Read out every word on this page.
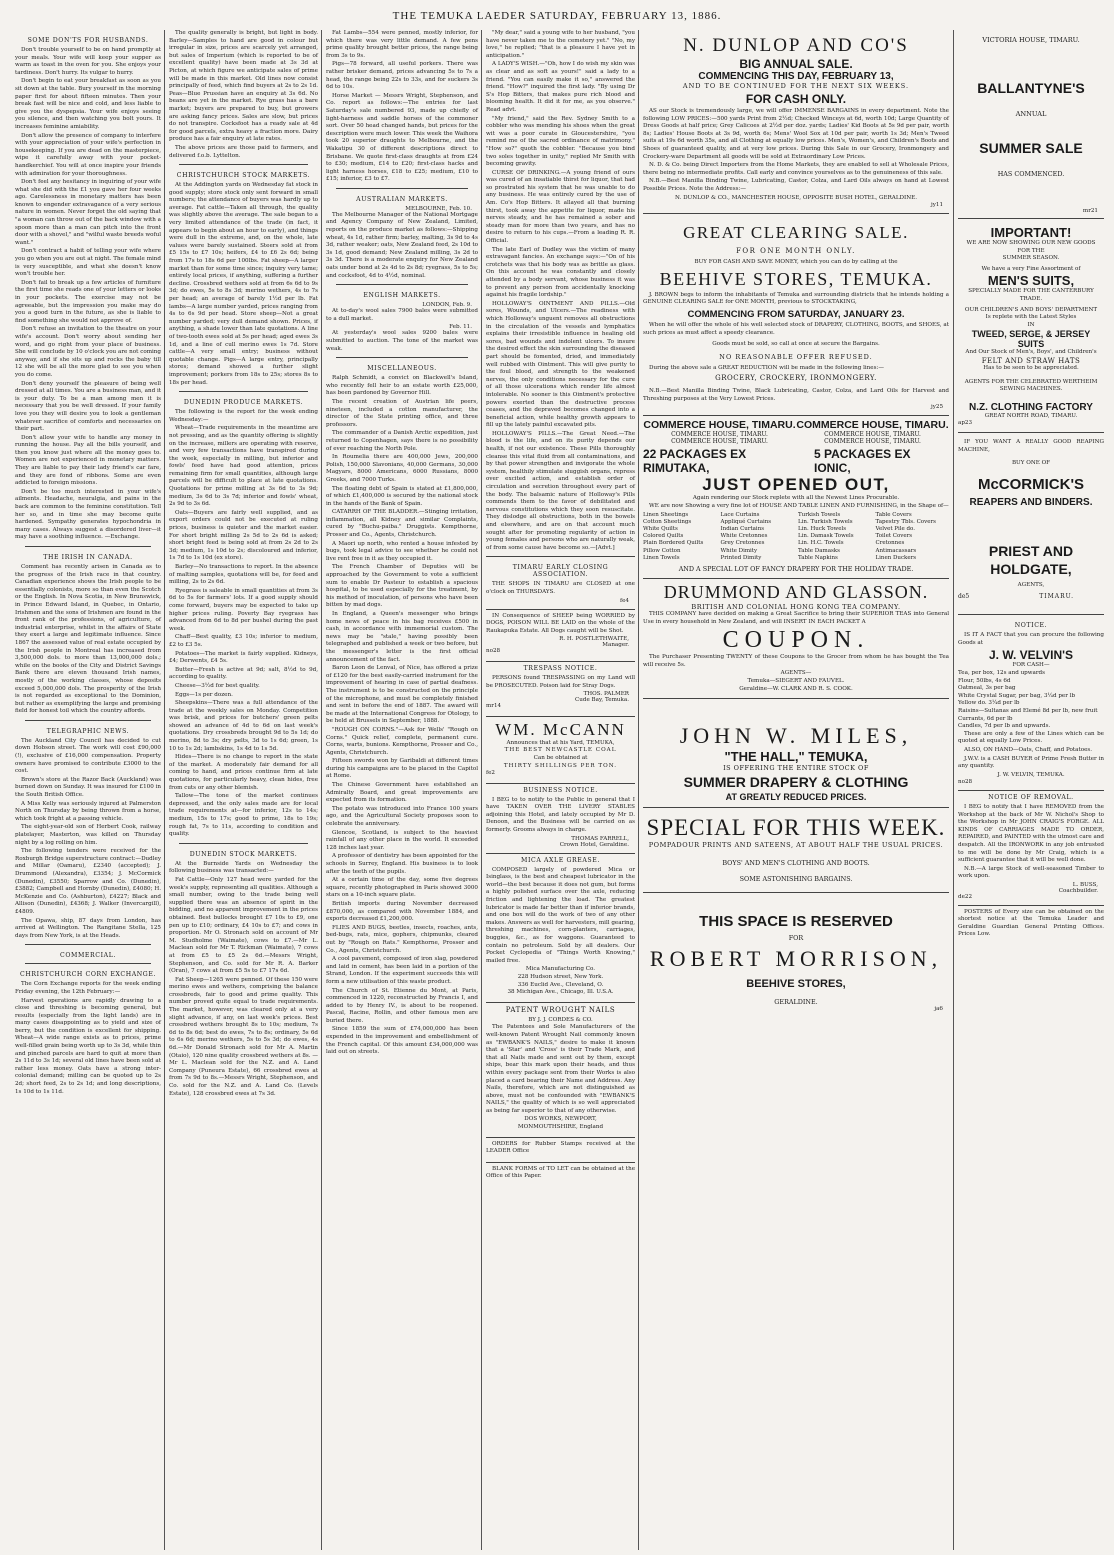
THE TEMUKA LAEDER SATURDAY, FEBRUARY 13, 1886.
SOME DON'TS FOR HUSBANDS.
Don't trouble yourself to be on hand promptly at your meals. Your wife will keep your supper as warm as toast in the oven for you. She enjoys your tardiness. Don't hurry. Its vulgar to hurry.
Don't begin to eat your breakfast as soon as you sit down at the table. Bury yourself in the morning paper first for about fifteen minutes. Then your break fast will be nice and cold, and less liable to give you the dyspepsia. Your wife enjoys seeing you silence, and then watching you bolt yours. It increases feminine amiability.
Don't allow the presence of company to interfere with your appreciation of your wife's perfection in housekeeping. If you are dead on the masterpiece, wipe it carefully away with your pocket-handkerchief. You will at once inspire your friends with admiration for your thoroughness.
Don't feel any hesitancy in inquiring of your wife what she did with the £1 you gave her four weeks ago. Carelessness in monetary matters has been known to engender extravagance of a very serious nature in women. Never forget the old saying that "a woman can throw out of the back window with a spoon more than a man can pitch into the front door with a shovel," and "wilful waste breeds woful want."
Don't contract a habit of telling your wife where you go when you are out at night. The female mind is very susceptible, and what she doesn't know won't trouble her.
Don't fail to break up a few articles of furniture the first time she reads one of your letters or looks in your pockets. The exercise may not be agreeable, but the impression you make may do you a good turn in the future, as she is liable to find something she would not approve of.
Don't refuse an invitation to the theatre on your wife's account. Don't worry about sending her word, and go right from your place of business. She will conclude by 10 o'clock you are not coming anyway, and if she sits up and rocks the baby till 12 she will be all the more glad to see you when you do come.
Don't deny yourself the pleasure of being well dressed at all times. You are a business man, and it is your duty. To be a man among men it is necessary that you be well dressed. If your family love you they will desire you to look a gentleman whatever sacrifice of comforts and necessaries on their part.
Don't allow your wife to handle any money in running the house. Pay all the bills yourself, and then you know just where all the money goes to. Women are not experienced in monetary matters. They are liable to pay their lady friend's car fare, and they are fond of ribbons. Some are even addicted to foreign missions.
Don't be too much interested in your wife's ailments. Headache, neuralgia, and pains in the back are common to the feminine constitution. Tell her so, and in time she may become quite hardened. Sympathy generates hypochondria in many cases. Always suggest a disordered liver—it may have a soothing influence. —Exchange.
THE IRISH IN CANADA.
Comment has recently arisen in Canada as to the progress of the Irish race in that country. Canadian experience shows the Irish people to be essentially colonists, more so than even the Scotch or the English. In Nova Scotia, in New Brunswick, in Prince Edward Island, in Quebec, in Ontario, Irishmen and the sons of Irishmen are found in the front rank of the professions, of agriculture, of industrial enterprise, whilst in the affairs of State they exert a large and legitimate influence. Since 1867 the assessed value of real estate occupied by the Irish people in Montreal has increased from 3,500,000 dols. to more than 13,000,000 dols.; while on the books of the City and District Savings Bank there are eleven thousand Irish names, mostly of the working classes, whose deposits exceed 5,000,000 dols. The prosperity of the Irish is not regarded as exceptional to the Dominion, but rather as exemplifying the large and promising field for honest toil which the country affords.
TELEGRAPHIC NEWS.
The Auckland City Council has decided to cut down Hobson street. The work will cost £90,000 (!), exclusive of £16,000 compensation. Property owners have promised to contribute £3000 to the cost.
Brown's store at the Razor Back (Auckland) was burned down on Sunday. It was insured for £100 in the South British Office.
A Miss Kelly was seriously injured at Palmerston North on Thursday by being thrown from a horse, which took fright at a passing vehicle.
The eight-year-old son of Herbert Cook, railway platelayer, Masterton, was killed on Thursday night by a log rolling on him.
The following tenders were received for the Roxburgh Bridge superstructure contract:—Dudley and Millar (Oamaru), £2340 (accepted); J. Drummond (Alexandra), £3354; J. McCormick (Dunedin), £3550; Sparrow and Co. (Dunedin), £3882; Campbell and Hornby (Dunedin), £4080; H. McKenzie and Co. (Ashburton), £4227; Black and Allison (Dunedin), £4368; J. Walker (Invercargill), £4809.
The Opawa, ship, 87 days from London, has arrived at Wellington. The Rangitane Stella, 125 days from New York, is at the Heads.
COMMERCIAL.
CHRISTCHURCH CORN EXCHANGE.
The Corn Exchange reports for the week ending Friday evening, the 12th February:—
Harvest operations are rapidly drawing to a close and threshing is becoming general, but results (especially from the light lands) are in many cases disappointing as to yield and size of berry, but the condition is excellent for shipping. Wheat—A wide range exists as to prices, prime well-filled grain being worth up to 3s 3d, while thin and pinched parcels are hard to quit at more than 2s 11d to 3s 1d; several old lines have been sold at rather less money. Oats have a strong inter-colonial demand; milling can be quoted up to 2s 2d; short feed, 2s to 2s 1d; and long descriptions, 1s 10d to 1s 11d.
The quality generally is bright, but light in body. Barley—Samples to hand are good in colour but irregular in size, prices are scarcely yet arranged, but sales of Imperium (which is reported to be of excellent quality) have been made at 3s 3d at Picton, at which figure we anticipate sales of prime will be made in this market. Old lines now consist principally of feed, which find buyers at 2s to 2s 1d. Peas—Blue Prussian have an enquiry at 3s 6d. No beans are yet in the market. Rye grass has a bare market; buyers are prepared to buy, but growers are asking fancy prices. Sales are slow, but prices do not transpire. Cocksfoot has a ready sale at 4d for good parcels, extra heavy a fraction more. Dairy produce has a fair enquiry at late rates.
The above prices are those paid to farmers, and delivered f.o.b. Lyttelton.
CHRISTCHURCH STOCK MARKETS.
At the Addington yards on Wednesday fat stock in good supply; store stock only sent forward in small numbers; the attendance of buyers was hardly up to average. Fat cattle—Taken all through, the quality was slightly above the average. The sale began to a very limited attendance of the trade (in fact, it appears to begin about an hour to early), and things were dull in the extreme, and, on the whole, late values were barely sustained. Steers sold at from £5 15s to £7 10s; heifers, £4 to £6 2s 6d; being from 17s to 18s 6d per 100lbs. Fat sheep—A larger market than for some time since; inquiry very tame; entirely local prices, if anything, suffering a further decline. Crossbred wethers sold at from 6s 6d to 9s 3d; do ewes, 5s to 8s 3d; merino wethers, 4s to 7s per head; an average of barely 1½d per lb. Fat lambs—A large number yarded, prices ranging from 4s to 6s 9d per head. Store sheep—Not a great number yarded; very dull demand shown. Prices, if anything, a shade lower than late quotations. A line of two-tooth ewes sold at 5s per head; aged ewes 3s 1d, and a line of cull merino ewes 1s 7d. Store cattle—A very small entry; business without quotable change. Pigs—A large entry, principally stores; demand showed a further slight improvement; porkers from 18s to 25s; stores 8s to 18s per head.
DUNEDIN PRODUCE MARKETS.
The following is the report for the week ending Wednesday:—
Wheat—Trade requirements in the meantime are not pressing, and as the quantity offering is slightly on the increase, millers are operating with reserve, and very few transactions have transpired during the week, especially in milling, but inferior and fowls' feed have had good attention, prices remaining firm for small quantities, although large parcels will be difficult to place at late quotations. Quotations for prime milling at 3s 6d to 3s 9d; medium, 3s 6d to 3s 7d; inferior and fowls' wheat, 2s 9d to 3s 6d.
Oats—Buyers are fairly well supplied, and as export orders could not be executed at ruling prices, business is quieter and the market easier. For short bright milling 2s 5d to 2s 6d is asked; short bright feed is being sold at from 2s 2d to 2s 3d; medium, 1s 10d to 2s; discoloured and inferior, 1s 7d to 1s 10d (ex store).
Barley—No transactions to report. In the absence of malting samples, quotations will be, for feed and milling, 2s to 2s 6d.
Ryegrass is saleable in small quantities at from 3s 6d to 5s for farmers' lots. If a good supply should come forward, buyers may be expected to take up higher prices ruling. Poverty Bay ryegrass has advanced from 6d to 8d per bushel during the past week.
Chaff—Best quality, £3 10s; inferior to medium, £2 to £3 5s.
Potatoes—The market is fairly supplied. Kidneys, £4; Derwents, £4 5s.
Butter—Fresh is active at 9d; salt, 8½d to 9d, according to quality.
Cheese—3½d for best quality.
Eggs—1s per dozen.
Sheepskins—There was a full attendance of the trade at the weekly sales on Monday. Competition was brisk, and prices for butchers' green pelts showed an advance of 4d to 6d on last week's quotations. Dry crossbreds brought 9d to 5s 1d; do merino, 8d to 3s; dry pelts, 3d to 1s 6d; green, 1s 10 to 1s 2d; lambskins, 1s 4d to 1s 5d.
Hides—There is no change to report in the state of the market. A moderately fair demand for all coming to hand, and prices continue firm at late quotations, for particularly heavy, clean hides, free from cuts or any other blemish.
Tallow—The tone of the market continues depressed, and the only sales made are for local trade requirements at—for inferior, 12s to 14s; medium, 15s to 17s; good to prime, 18s to 19s; rough fat, 7s to 11s, according to condition and quality.
DUNEDIN STOCK MARKETS.
At the Burnside Yards on Wednesday the following business was transacted:—
Fat Cattle—Only 127 head were yarded for the week's supply, representing all qualities. Although a small number, owing to the trade being well supplied there was an absence of spirit in the bidding, and no apparent improvement in the prices obtained. Best bullocks brought £7 10s to £9, one pen up to £10; ordinary, £4 10s to £7; and cows in proportion. Mr O. Stronach sold on account of Mr M. Studholme (Waimate), cows to £7.—Mr L. Maclean sold for Mr T. Rickman (Waimate), 7 cows at from £5 to £5 2s 6d.—Messrs Wright, Stephenson, and Co. sold for Mr R. A. Barker (Oran), 7 cows at from £5 5s to £7 17s 6d.
Fat Sheep—1265 were penned. Of these 150 were merino ewes and wethers, comprising the balance crossbreds, fair to good and prime quality. This number proved quite equal to trade requirements. The market, however, was cleared only at a very slight advance, if any, on last week's prices. Best crossbred wethers brought 8s to 10s; medium, 7s 6d to 8s 6d; best do ewes, 7s to 8s; ordinary, 5s 6d to 6s 6d; merino wethers, 5s to 5s 3d; do ewes, 4s 6d.—Mr Donald Stronach sold for Mr A. Martin (Otaio), 120 nine quality crossbred wethers at 8s. —Mr L. Maclean sold for the N.Z. and A. Land Company (Puneura Estate), 66 crossbred ewes at from 7s 9d to 8s.—Messrs Wright, Stephenson, and Co. sold for the N.Z. and A. Land Co. (Levels Estate), 128 crossbred ewes at 7s 3d.
Fat Lambs—554 were penned, mostly inferior, for which there was very little demand. A few pens prime quality brought better prices, the range being from 3s to 9s.
Pigs—78 forward, all useful porkers. There was rather brisker demand, prices advancing 5s to 7s a head, the range being 22s to 33s, and for suckers 3s 6d to 10s.
Horse Market — Messrs Wright, Stephenson, and Co. report as follows:—The entries for last Saturday's sale numbered 93, made up chiefly of light-harness and saddle horses of the commoner sort. Over 50 head changed hands, but prices for the description were much lower. This week the Waihora took 20 superior draughts to Melbourne, and the Wakatipu 30 of different descriptions direct to Brisbane. We quote first-class draughts at from £24 to £30; medium, £14 to £20; first-class hacks and light harness horses, £18 to £25; medium, £10 to £15; inferior, £3 to £7.
AUSTRALIAN MARKETS.
MELBOURNE, Feb. 10.
The Melbourne Manager of the National Mortgage and Agency Company of New Zealand, Limited, reports on the produce market as follows:—Shipping wheat, 4s 1d, rather firm; barley, malting, 3s 9d to 4s 3d, rather weaker; oats, New Zealand feed, 2s 10d to 3s 1d, good demand; New Zealand milling, 3s 2d to 3s 3d. There is a moderate enquiry for New Zealand oats under bond at 2s 4d to 2s 8d; ryegrass, 5s to 5s; and cocksfoot, 4d to 4½d, nominal.
ENGLISH MARKETS.
LONDON, Feb. 9.
At to-day's wool sales 7900 bales were submitted to a dull market.
Feb. 11.
At yesterday's wool sales 9200 bales were submitted to auction. The tone of the market was weak.
MISCELLANEOUS.
Ralph Schmidt, a convict on Blackwell's Island, who recently fell heir to an estate worth £25,000, has been pardoned by Governor Hill.
The recent creation of Austrian life peers, nineteen, included a cotton manufacturer, the director of the State printing office, and three professors.
The commander of a Danish Arctic expedition, just returned to Copenhagen, says there is no possibility of ever reaching the North Pole.
In Roumelia there are 400,000 Jews, 200,000 Polish, 150,000 Slavonians, 40,000 Germans, 30,000 Magyars, 8000 Americans, 6000 Russians, 8000 Greeks, and 7000 Turks.
The floating debt of Spain is stated at £1,800,000, of which £1,400,000 is secured by the national stock in the hands of the Bank of Spain.
CATARRH OF THE BLADDER.—Stinging irritation, inflammation, all Kidney and similar Complaints, cured by "Buchu-paiba." Druggists. Kempthorne, Prosser and Co., Agents, Christchurch.
A Maori up north, who rented a house infested by bugs, took legal advice to see whether he could not live rent free in it as they occupied it.
The French Chamber of Deputies will be approached by the Government to vote a sufficient sum to enable Dr Pasteur to establish a spacious hospital, to be used especially for the treatment, by his method of inoculation, of persons who have been bitten by mad dogs.
In England, a Queen's messenger who brings home news of peace in his bag receives £500 in cash, in accordance with immemorial custom. The news may be "stale," having possibly been telegraphed and published a week or two before, but the messenger's letter is the first official announcement of the fact.
Baron Leon de Lenval, of Nice, has offered a prize of £120 for the best easily-carried instrument for the improvement of hearing in case of partial deafness. The instrument is to be constructed on the principle of the microphone, and must be completely finished and sent in before the end of 1887. The award will be made at the International Congress for Otology, to be held at Brussels in September, 1888.
"ROUGH ON CORNS."—Ask for Wells' "Rough on Corns." Quick relief, complete, permanent cure. Corns, warts, bunions. Kempthorne, Prosser and Co., Agents, Christchurch.
Fifteen swords won by Garibaldi at different times during his campaigns are to be placed in the Capitol at Rome.
The Chinese Government have established an Admiralty Board, and great improvements are expected from its formation.
The potato was introduced into France 100 years ago, and the Agricultural Society proposes soon to celebrate the anniversary.
Glencoe, Scotland, is subject to the heaviest rainfall of any other place in the world. It exceeded 128 inches last year.
A professor of dentistry has been appointed for the schools in Surrey, England. His business is to look after the teeth of the pupils.
At a certain time of the day, some five degrees square, recently photographed in Paris showed 3000 stars on a 10-inch square plate.
British imports during November decreased £870,000, as compared with November 1884, and exports decreased £1,200,000.
FLIES AND BUGS, beetles, insects, roaches, ants, bed-bugs, rats, mice, gophers, chipmunks, cleared out by "Rough on Rats." Kempthorne, Prosser and Co., Agents, Christchurch.
A cool pavement, composed of iron slag, powdered and laid in cement, has been laid in a portion of the Strand, London. If the experiment succeeds this will form a new utilisation of this waste product.
The Church of St. Etienne du Mont, at Paris, commenced in 1220, reconstructed by Francis I, and added to by Henry IV., is about to be reopened. Pascal, Racine, Rollin, and other famous men are buried there.
Since 1859 the sum of £74,000,000 has been expended in the improvement and embellishment of the French capital. Of this amount £34,000,000 was laid out on streets.
"My dear," said a young wife to her husband, "you have never taken me to the cemetery yet." "No, my love," he replied; "that is a pleasure I have yet in anticipation."
A LADY'S WISH.—"Oh, how I do wish my skin was as clear and as soft as yours!" said a lady to a friend. "You can easily make it so," answered the friend. "How?" inquired the first lady. "By using Dr S's Hop Bitters, that makes pure rich blood and blooming health. It did it for me, as you observe." Read advt.
"My friend," said the Rev. Sydney Smith to a cobbler who was mending his shoes when the great wit was a poor curate in Gloucestershire, "you remind me of the sacred ordinance of matrimony." "How so?" quoth the cobbler. "Because you bind two soles together in unity," replied Mr Smith with becoming gravity.
CURSE OF DRINKING.—A young friend of ours was cured of an insatiable thirst for liquor, that had so prostrated his system that he was unable to do any business. He was entirely cured by the use of Am. Co's Hop Bitters. It allayed all that burning thirst, took away the appetite for liquor, made his nerves steady, and he has remained a sober and steady man for more than two years, and has no desire to return to his cups.—From a leading R. R. Official.
The late Earl of Dudley was the victim of many extravagant fancies. An exchange says:—"On of his crotchets was that his body was as brittle as glass. On this account he was constantly and closely attended by a body servant, whose business it was to prevent any person from accidentally knocking against his fragile lordship."
HOLLOWAY'S OINTMENT AND PILLS.—Old sores, Wounds, and Ulcers.—The readiness with which Holloway's unguent removes all obstructions in the circulation of the vessels and lymphatics explains their irresistible influence in healing old sores, bad wounds and indolent ulcers. To insure the desired effect the skin surrounding the diseased part should be fomented, dried, and immediately well rubbed with Ointment. This will give purity to the foul blood, and strength to the weakened nerves, the only conditions necessary for the cure of all those ulcerations which render life almost intolerable. No sooner is this Ointment's protective powers exerted than the destructive process ceases, and the depraved becomes changed into a beneficial action, while healthy growth appears to fill up the lately painful excavated pits.
HOLLOWAY'S PILLS.—The Great Need.—The blood is the life, and on its purity depends our health, if not our existence. These Pills thoroughly cleanse this vital fluid from all contaminations, and by that power strengthen and invigorate the whole system, healthily stimulate sluggish organs, repress over excited action, and establish order of circulation and secretion throughout every part of the body. The balsamic nature of Holloway's Pills commends them to the favor of debilitated and nervous constitutions which they soon resuscitate. They dislodge all obstructions, both in the bowels and elsewhere, and are on that account much sought after for promoting regularity of action in young females and persons who are naturally weak, of from some cause have become so.—[Advt.]
TIMARU EARLY CLOSING ASSOCIATION.
THE SHOPS IN TIMARU are CLOSED at one o'clock on THURSDAYS.
fe4
IN Consequence of SHEEP being WORRIED by DOGS, POISON WILL BE LAID on the whole of the Raukapuka Estate. All Dogs caught will be Shot.
R. H. POSTLETHWAITE,
Manager.
no28
TRESPASS NOTICE.
PERSONS found TRESPASSING on my Land will be PROSECUTED. Poison laid for Stray Dogs.
THOS. PALMER
Cude Bay, Temuka.
mr14
WM. McCANN
Announces that at his Yard, TEMUKA,
THE BEST NEWCASTLE COAL
Can be obtained at
THIRTY SHILLINGS PER TON.
fe2
BUSINESS NOTICE.
I BEG to to notify to the Public in general that I have TAKEN OVER THE LIVERY STABLES adjoining this Hotel, and lately occupied by Mr D. Denoon, and the Business will be carried on as formerly. Grooms always in charge.
THOMAS FARRELL,
Crown Hotel, Geraldine.
MICA AXLE GREASE.
COMPOSED largely of powdered Mica or Isinglass, is the best and cheapest lubricator in the world—the best because it does not gum, but forms a highly polished surface over the axle, reducing friction and lightening the load. The greatest lubricator is made far better than if inferior brands, and one box will do the work of two of any other makes. Answers as well for harvesters, mill gearing, threshing machines, corn-planters, carriages, buggies, &c., as for waggons. Guaranteed to contain no petroleum. Sold by all dealers. Our Pocket Cyclopedia of "Things Worth Knowing," mailed free.
Mica Manufacturing Co.
228 Hudson street, New York.
336 Euclid Ave., Cleveland, O.
38 Michigan Ave., Chicago, Ill. U.S.A.
PATENT WROUGHT NAILS
BY J. J. CORDES & CO.
The Patentees and Sole Manufacturers of the well-known Patent Wrought Nail commonly known as "EWBANK'S NAILS," desire to make it known that a 'Star' and 'Cross' is their Trade Mark, and that all Nails made and sent out by them, except ships, bear this mark upon their heads, and thus within every package sent from their Works is also placed a card bearing their Name and Address. Any Nails, therefore, which are not distinguished as above, must not be confounded with "EWBANK'S NAILS," the quality of which is so well appreciated as being far superior to that of any otherwise.
DOS WORKS, NEWPORT,
MONMOUTHSHIRE, England
ORDERS for Rubber Stamps received at the LEADER Office
BLANK FORMS of TO LET can be obtained at the Office of this Paper.
N. DUNLOP AND CO'S
BIG ANNUAL SALE.
COMMENCING THIS DAY, FEBRUARY 13,
AND TO BE CONTINUED FOR THE NEXT SIX WEEKS.
FOR CASH ONLY.
AS our Stock is tremendously large, we will offer IMMENSE BARGAINS in every department. Note the following LOW PRICES:—500 yards Print from 2½d; Checked Winceys at 6d, worth 10d; Large Quantity of Dress Goods at half price; Grey Calicoes at 2½d per doz. yards; Ladies' Kid Boots at 5s 9d per pair, worth 8s; Ladies' House Boots at 3s 9d, worth 6s; Mens' Wool Sox at 10d per pair, worth 1s 3d; Men's Tweed suits at 19s 6d worth 35s, and all Clothing at equally low prices. Men's, Women's, and Children's Boots and Shoes of guaranteed quality, and at very low prices. During this Sale in our Grocery, Ironmongery and Crockery-ware Department all goods will be sold at Extraordinary Low Prices.
N. D. & Co. being Direct Importers from the Home Markets, they are enabled to sell at Wholesale Prices, there being no intermediate profits. Call early and convince yourselves as to the genuineness of this sale.
N.B.—Best Manilla Binding Twine, Lubricating, Castor, Colza, and Lard Oils always on hand at Lowest Possible Prices. Note the Address:—
N. DUNLOP & CO., MANCHESTER HOUSE, OPPOSITE BUSH HOTEL, GERALDINE.
jy11
GREAT CLEARING SALE.
FOR ONE MONTH ONLY.
BUY FOR CASH AND SAVE MONEY, which you can do by calling at the
BEEHIVE STORES, TEMUKA.
J. BROWN begs to inform the inhabitants of Temuka and surrounding districts that he intends holding a GENUINE CLEARING SALE for ONE MONTH, previous to STOCKTAKING,
COMMENCING FROM SATURDAY, JANUARY 23.
When he will offer the whole of his well selected stock of DRAPERY, CLOTHING, BOOTS, and SHOES, at such prices as must affect a speedy clearance.
Goods must be sold, so call at once at secure the Bargains.
NO REASONABLE OFFER REFUSED.
During the above sale a GREAT REDUCTION will be made in the following lines:—
GROCERY, CROCKERY, IRONMONGERY.
N.B.—Best Manilla Binding Twine, Black Lubricating, Castor, Colza, and Lard Oils for Harvest and Threshing purposes at the Very Lowest Prices.
jy25
COMMERCE HOUSE, TIMARU. COMMERCE HOUSE, TIMARU.
COMMERCE HOUSE, TIMARU.	COMMERCE HOUSE, TIMARU.
COMMERCE HOUSE, TIMARU.	COMMERCE HOUSE, TIMARU.
22 PACKAGES EX RIMUTAKA,
5 PACKAGES EX IONIC,
JUST OPENED OUT,
Again rendering our Stock replete with all the Newest Lines Procurable.
WE are now Showing a very fine lot of HOUSE AND TABLE LINEN AND FURNISHING, in the Shape of—
Linen Sheetings
Cotton Sheetings
White Quilts
Colored Quilts
Plain Bordered Quilts
Pillow Cotton
Linen Towels
Lace Curtains
Appliqué Curtains
Indian Curtains
White Cretonnes
Grey Cretonnes
White Dimity
Printed Dimity
Turkish Towels
Lin. Turkish Towels
Lin. Huck Towels
Lin. Damask Towels
Lin. H.C. Towels
Table Damasks
Table Napkins
Table Covers
Tapestry Tbls. Covers
Velvet Pile do.
Toilet Covers
Cretonnes
Antimacassars
Linen Duckers
AND A SPECIAL LOT OF FANCY DRAPERY FOR THE HOLIDAY TRADE.
DRUMMOND AND GLASSON.
BRITISH AND COLONIAL HONG KONG TEA COMPANY.
THIS COMPANY have decided on making a Great Sacrifice to bring their SUPERIOR TEAS into General Use in every household in New Zealand, and will INSERT IN EACH PACKET A
COUPON.
The Purchaser Presenting TWENTY of these Coupons to the Grocer from whom he has bought the Tea will receive 5s.
AGENTS—
Temuka—SIEGERT AND FAUVEL.
Geraldine—W. CLARK AND R. S. COOK.
JOHN W. MILES,
"THE HALL," TEMUKA,
IS OFFERING THE ENTIRE STOCK OF
SUMMER DRAPERY & CLOTHING
AT GREATLY REDUCED PRICES.
SPECIAL FOR THIS WEEK.
POMPADOUR PRINTS AND SATEENS, AT ABOUT HALF THE USUAL PRICES.
BOYS' AND MEN'S CLOTHING AND BOOTS.
SOME ASTONISHING BARGAINS.
THIS SPACE IS RESERVED
FOR
ROBERT MORRISON,
BEEHIVE STORES,
GERALDINE.
ja6
VICTORIA HOUSE, TIMARU.
BALLANTYNE'S
ANNUAL
SUMMER SALE
HAS COMMENCED.
mr21
IMPORTANT!
WE ARE NOW SHOWING OUR NEW GOODS
FOR THE
SUMMER SEASON.
We have a very Fine Assortment of
MEN'S SUITS,
SPECIALLY MADE FOR THE CANTERBURY TRADE.
OUR CHILDREN'S AND BOYS' DEPARTMENT
Is replete with the Latest Styles
IN
TWEED, SERGE, & JERSEY SUITS
And Our Stock of Men's, Boys', and Children's
FELT AND STRAW HATS
Has to be seen to be appreciated.
AGENTS FOR THE CELEBRATED WERTHEIM SEWING MACHINES.
N.Z. CLOTHING FACTORY
GREAT NORTH ROAD, TIMARU.
ap23
IF YOU WANT A REALLY GOOD REAPING MACHINE,
BUY ONE OF
McCORMICK'S
REAPERS AND BINDERS.
PRIEST AND HOLDGATE,
AGENTS,
de5	TIMARU.
NOTICE.
IS IT A FACT that you can procure the following Goods at
J. W. VELVIN'S
FOR CASH—
Tea, per box, 12s and upwards
Flour, 50lbs, 4s 6d
Oatmeal, 3s per bag
White Crystal Sugar, per bag, 3¼d per lb
Yellow do. 3¼d per lb
Raisins—Sultanas and Elemé 8d per lb, new fruit
Currants, 6d per lb
Candles, 7d per lb and upwards.
These are only a few of the Lines which can be quoted at equally Low Prices.
ALSO, ON HAND—Oats, Chaff, and Potatoes.
J.W.V. is a CASH BUYER of Prime Fresh Butter in any quantity.
J. W. VELVIN, TEMUKA.
no28
NOTICE OF REMOVAL.
I BEG to notify that I have REMOVED from the Workshop at the back of Mr W. Nichol's Shop to the Workshop in Mr JOHN CRAIG'S FORGE. ALL KINDS OF CARRIAGES MADE TO ORDER, REPAIRED, and PAINTED with the utmost care and despatch. All the IRONWORK in any job entrusted to me will be done by Mr Craig, which is a sufficient guarantee that it will be well done.
N.B.—A large Stock of well-seasoned Timber to work upon.
L. BUSS,
Coachbuilder.
de22
POSTERS of Every size can be obtained on the shortest notice at the Temuka Leader and Geraldine Guardian General Printing Offices. Prices Low.
